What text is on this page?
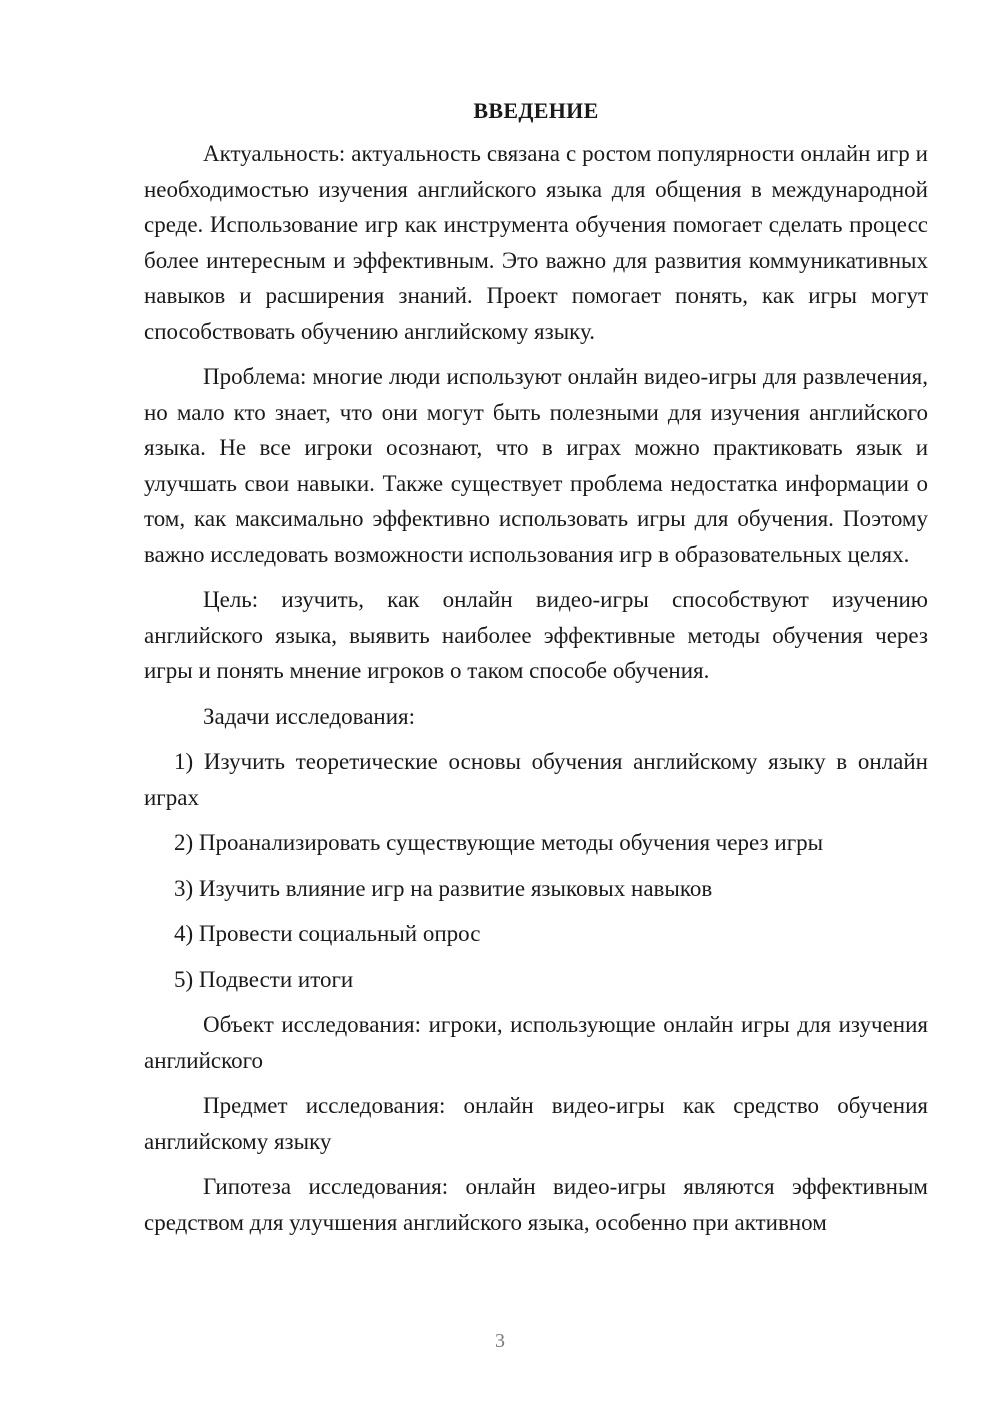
ВВЕДЕНИЕ

Актуальность: актуальность связана с ростом популярности онлайн игр и необходимостью изучения английского языка для общения в международной среде. Использование игр как инструмента обучения помогает сделать процесс более интересным и эффективным. Это важно для развития коммуникативных навыков и расширения знаний. Проект помогает понять, как игры могут способствовать обучению английскому языку.

Проблема: многие люди используют онлайн видео-игры для развлечения, но мало кто знает, что они могут быть полезными для изучения английского языка. Не все игроки осознают, что в играх можно практиковать язык и улучшать свои навыки. Также существует проблема недостатка информации о том, как максимально эффективно использовать игры для обучения. Поэтому важно исследовать возможности использования игр в образовательных целях.

Цель: изучить, как онлайн видео-игры способствуют изучению английского языка, выявить наиболее эффективные методы обучения через игры и понять мнение игроков о таком способе обучения.

Задачи исследования:

1) Изучить теоретические основы обучения английскому языку в онлайн играх
2) Проанализировать существующие методы обучения через игры
3) Изучить влияние игр на развитие языковых навыков
4) Провести социальный опрос
5) Подвести итоги

Объект исследования: игроки, использующие онлайн игры для изучения английского

Предмет исследования: онлайн видео-игры как средство обучения английскому языку

Гипотеза исследования: онлайн видео-игры являются эффективным средством для улучшения английского языка, особенно при активном

3
